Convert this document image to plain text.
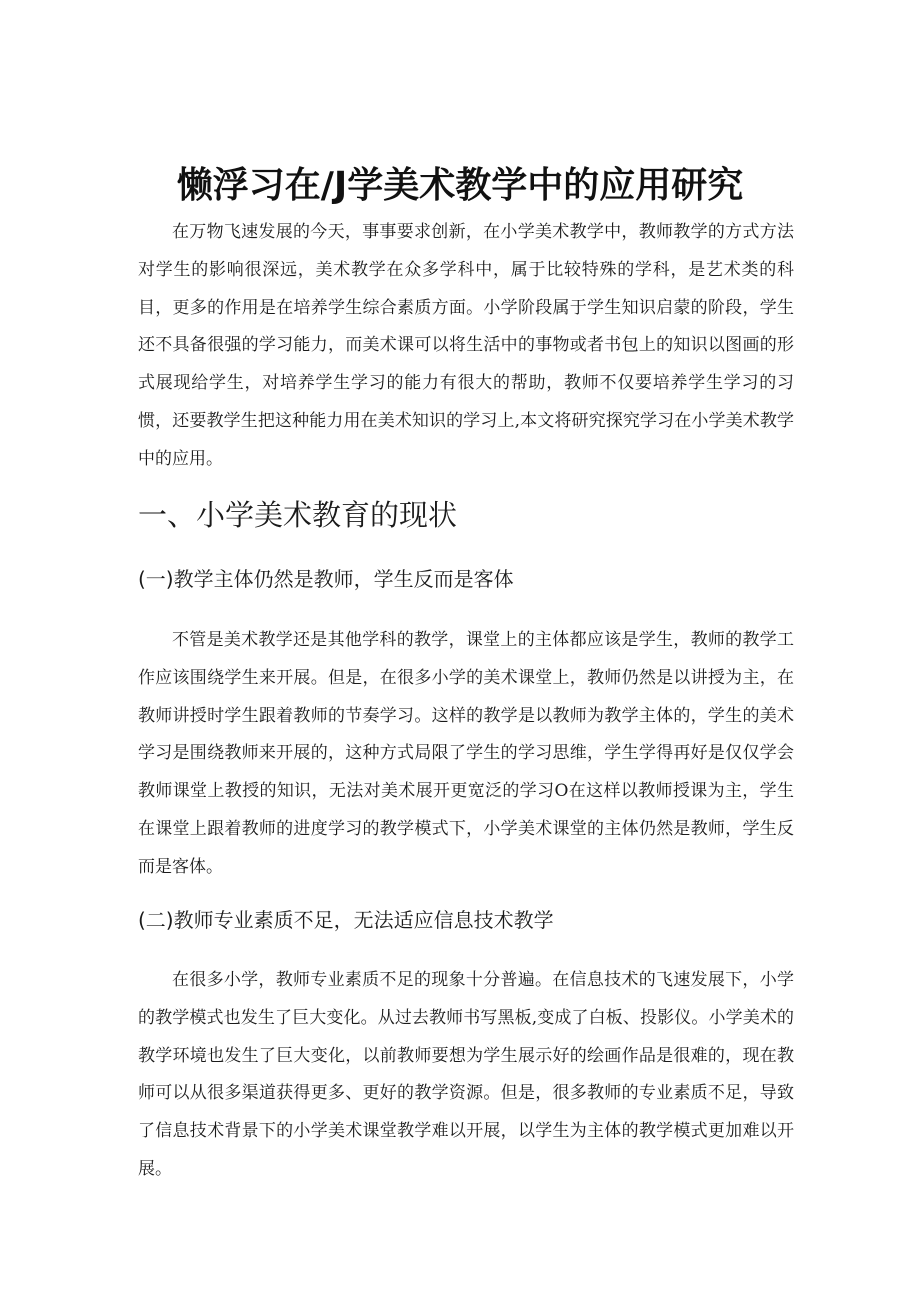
懒浮习在/J学美术教学中的应用研究

在万物飞速发展的今天，事事要求创新，在小学美术教学中，教师教学的方式方法对学生的影响很深远，美术教学在众多学科中，属于比较特殊的学科，是艺术类的科目，更多的作用是在培养学生综合素质方面。小学阶段属于学生知识启蒙的阶段，学生还不具备很强的学习能力，而美术课可以将生活中的事物或者书包上的知识以图画的形式展现给学生，对培养学生学习的能力有很大的帮助，教师不仅要培养学生学习的习惯，还要教学生把这种能力用在美术知识的学习上,本文将研究探究学习在小学美术教学中的应用。

一、小学美术教育的现状
(一)教学主体仍然是教师，学生反而是客体

不管是美术教学还是其他学科的教学，课堂上的主体都应该是学生，教师的教学工作应该围绕学生来开展。但是，在很多小学的美术课堂上，教师仍然是以讲授为主，在教师讲授时学生跟着教师的节奏学习。这样的教学是以教师为教学主体的，学生的美术学习是围绕教师来开展的，这种方式局限了学生的学习思维，学生学得再好是仅仅学会教师课堂上教授的知识，无法对美术展开更宽泛的学习O在这样以教师授课为主，学生在课堂上跟着教师的进度学习的教学模式下，小学美术课堂的主体仍然是教师，学生反而是客体。

(二)教师专业素质不足，无法适应信息技术教学

在很多小学，教师专业素质不足的现象十分普遍。在信息技术的飞速发展下，小学的教学模式也发生了巨大变化。从过去教师书写黑板,变成了白板、投影仪。小学美术的教学环境也发生了巨大变化，以前教师要想为学生展示好的绘画作品是很难的，现在教师可以从很多渠道获得更多、更好的教学资源。但是，很多教师的专业素质不足，导致了信息技术背景下的小学美术课堂教学难以开展，以学生为主体的教学模式更加难以开展。
